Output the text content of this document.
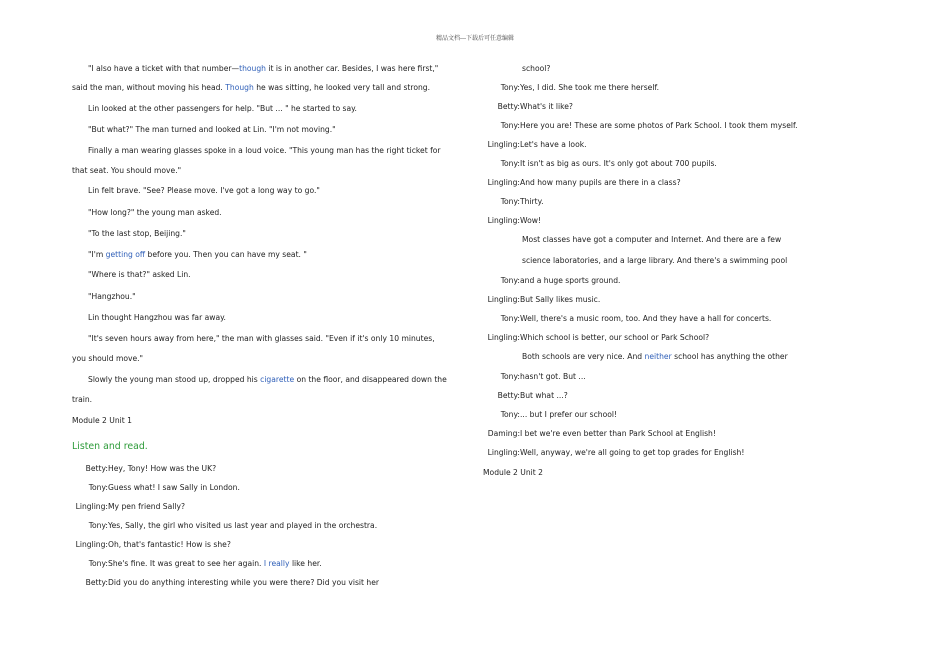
精品文档---下载后可任意编辑
"I also have a ticket with that number—though it is in another car. Besides, I was here first,"
said the man, without moving his head. Though he was sitting, he looked very tall and strong.
Lin looked at the other passengers for help. "But ... " he started to say.
"But what?" The man turned and looked at Lin. "I'm not moving."
Finally a man wearing glasses spoke in a loud voice. "This young man has the right ticket for
that seat. You should move."
Lin felt brave. "See? Please move. I've got a long way to go."
"How long?" the young man asked.
"To the last stop, Beijing."
"I'm getting off before you. Then you can have my seat. "
"Where is that?" asked Lin.
"Hangzhou."
Lin thought Hangzhou was far away.
"It's seven hours away from here," the man with glasses said. "Even if it's only 10 minutes,
you should move."
Slowly the young man stood up, dropped his cigarette on the floor, and disappeared down the
train.
Module 2 Unit 1
Listen and read.
Betty:Hey, Tony! How was the UK?
Tony:Guess what! I saw Sally in London.
Lingling:My pen friend Sally?
Tony:Yes, Sally, the girl who visited us last year and played in the orchestra.
Lingling:Oh, that's fantastic! How is she?
Tony:She's fine. It was great to see her again. I really like her.
Betty:Did you do anything interesting while you were there? Did you visit her
school?
Tony:Yes, I did. She took me there herself.
Betty:What's it like?
Tony:Here you are! These are some photos of Park School. I took them myself.
Lingling:Let's have a look.
Tony:It isn't as big as ours. It's only got about 700 pupils.
Lingling:And how many pupils are there in a class?
Tony:Thirty.
Lingling:Wow!
Most classes have got a computer and Internet. And there are a few
science laboratories, and a large library. And there's a swimming pool
Tony:and a huge sports ground.
Lingling:But Sally likes music.
Tony:Well, there's a music room, too. And they have a hall for concerts.
Lingling:Which school is better, our school or Park School?
Both schools are very nice. And neither school has anything the other
Tony:hasn't got. But ...
Betty:But what ...?
Tony:... but I prefer our school!
Daming:I bet we're even better than Park School at English!
Lingling:Well, anyway, we're all going to get top grades for English!
Module 2 Unit 2
